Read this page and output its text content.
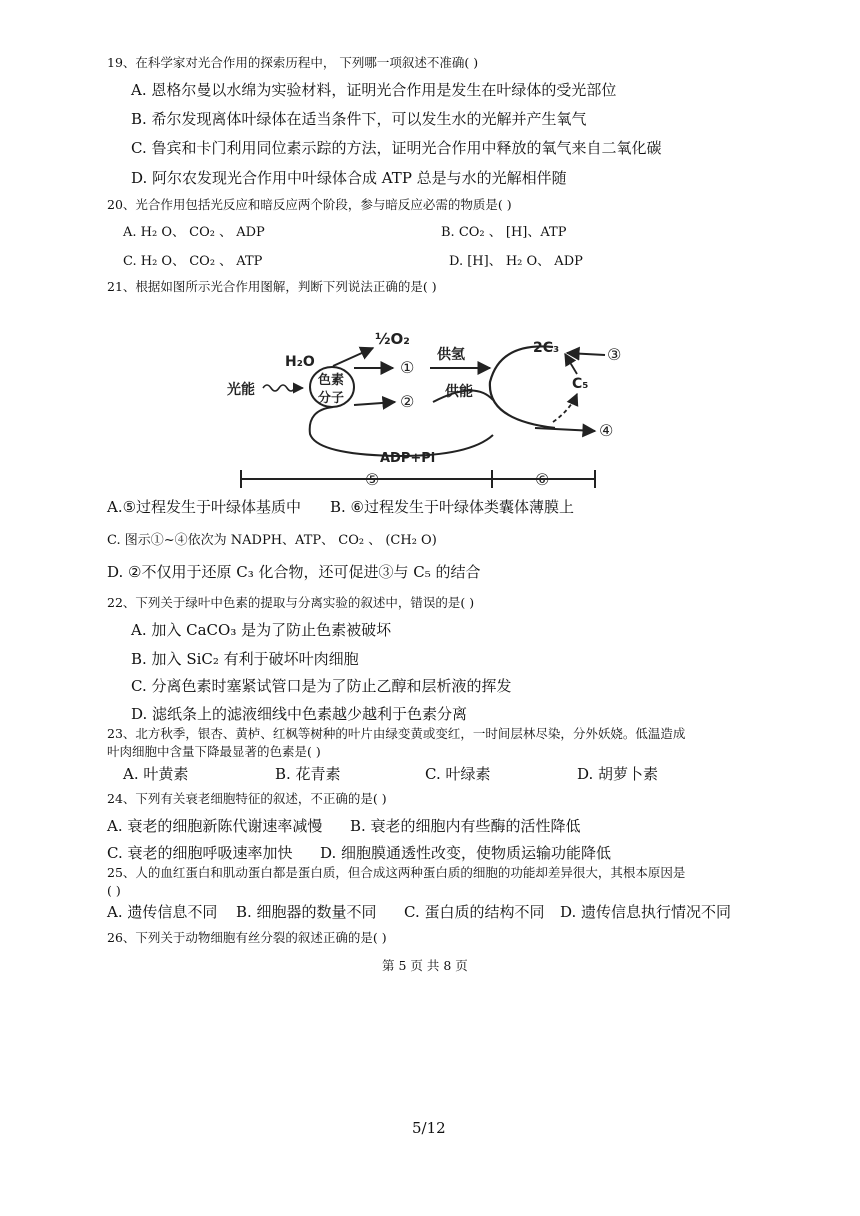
19、在科学家对光合作用的探索历程中， 下列哪一项叙述不准确( )
A. 恩格尔曼以水绵为实验材料，证明光合作用是发生在叶绿体的受光部位
B. 希尔发现离体叶绿体在适当条件下，可以发生水的光解并产生氧气
C. 鲁宾和卡门利用同位素示踪的方法，证明光合作用中释放的氧气来自二氧化碳
D. 阿尔农发现光合作用中叶绿体合成 ATP 总是与水的光解相伴随
20、光合作用包括光反应和暗反应两个阶段，参与暗反应必需的物质是( )
A. H₂ O、 CO₂ 、 ADP	B. CO₂ 、 [H]、ATP
C. H₂ O、 CO₂ 、 ATP	D. [H]、 H₂ O、 ADP
21、根据如图所示光合作用图解，判断下列说法正确的是( )
½O₂
H₂O
光能
色素
分子
①
②
供氢
供能
④
2C₃	③
C₅
ADP+Pi
⑤	⑥
A.⑤过程发生于叶绿体基质中 B. ⑥过程发生于叶绿体类囊体薄膜上
C. 图示①~④依次为 NADPH、ATP、 CO₂ 、 (CH₂ O)
D. ②不仅用于还原 C₃ 化合物，还可促进③与 C₅ 的结合
22、下列关于绿叶中色素的提取与分离实验的叙述中，错误的是( )
A. 加入 CaCO₃ 是为了防止色素被破坏
B. 加入 SiC₂ 有利于破坏叶肉细胞
C. 分离色素时塞紧试管口是为了防止乙醇和层析液的挥发
D. 滤纸条上的滤液细线中色素越少越利于色素分离
23、北方秋季，银杏、黄栌、红枫等树种的叶片由绿变黄或变红，一时间层林尽染，分外妖娆。低温造成
叶肉细胞中含量下降最显著的色素是( )
A. 叶黄素	B. 花青素	C. 叶绿素	D. 胡萝卜素
24、下列有关衰老细胞特征的叙述，不正确的是( )
A. 衰老的细胞新陈代谢速率减慢 B. 衰老的细胞内有些酶的活性降低
C. 衰老的细胞呼吸速率加快 D. 细胞膜通透性改变，使物质运输功能降低
25、人的血红蛋白和肌动蛋白都是蛋白质，但合成这两种蛋白质的细胞的功能却差异很大，其根本原因是
( )
A. 遗传信息不同 B. 细胞器的数量不同 C. 蛋白质的结构不同 D. 遗传信息执行情况不同
26、下列关于动物细胞有丝分裂的叙述正确的是( )
第 5 页 共 8 页
5/12
